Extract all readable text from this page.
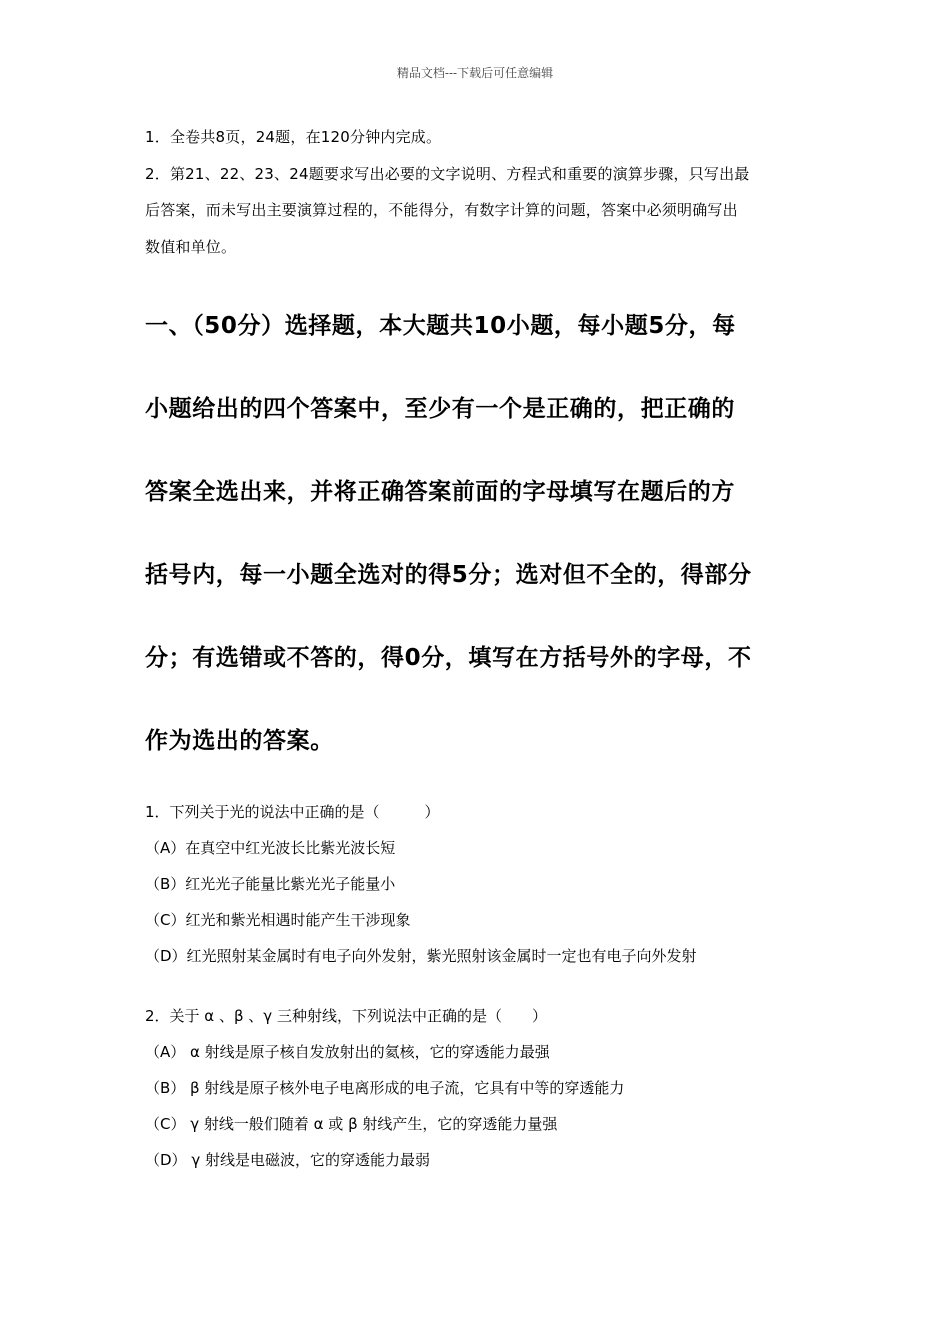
精品文档---下载后可任意编辑
1．全卷共8页，24题，在120分钟内完成。
2．第21、22、23、24题要求写出必要的文字说明、方程式和重要的演算步骤，只写出最
后答案，而未写出主要演算过程的，不能得分，有数字计算的问题，答案中必须明确写出
数值和单位。
一、（50分）选择题，本大题共10小题，每小题5分，每
小题给出的四个答案中，至少有一个是正确的，把正确的
答案全选出来，并将正确答案前面的字母填写在题后的方
括号内，每一小题全选对的得5分；选对但不全的，得部分
分；有选错或不答的，得0分，填写在方括号外的字母，不
作为选出的答案。
1．下列关于光的说法中正确的是（　　　）
（A）在真空中红光波长比紫光波长短
（B）红光光子能量比紫光光子能量小
（C）红光和紫光相遇时能产生干涉现象
（D）红光照射某金属时有电子向外发射，紫光照射该金属时一定也有电子向外发射
2．关于 α 、β 、γ 三种射线，下列说法中正确的是（　　）
（A） α 射线是原子核自发放射出的氦核，它的穿透能力最强
（B） β 射线是原子核外电子电离形成的电子流，它具有中等的穿透能力
（C） γ 射线一般们随着 α 或 β 射线产生，它的穿透能力量强
（D） γ 射线是电磁波，它的穿透能力最弱
